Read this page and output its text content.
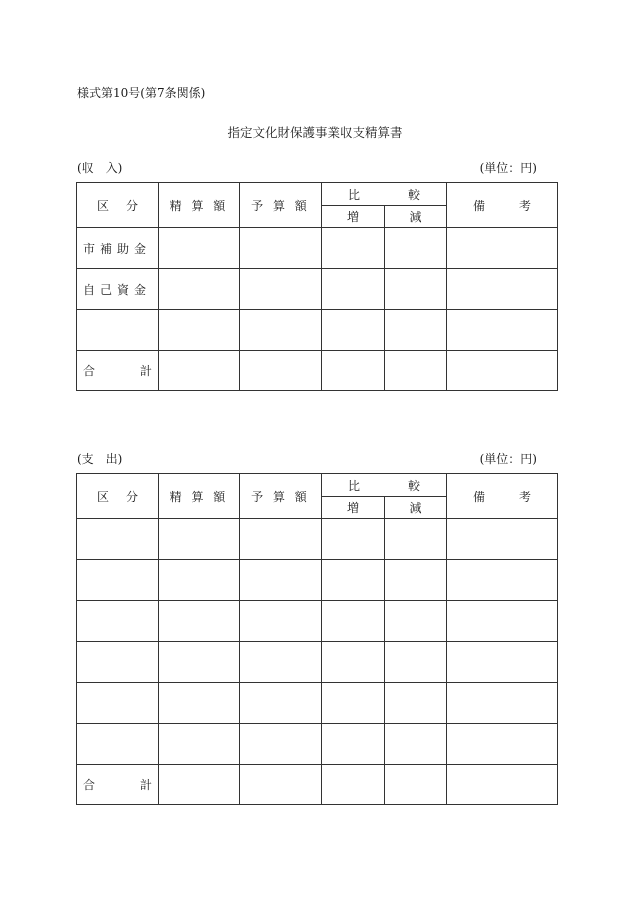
様式第10号(第7条関係)
指定文化財保護事業収支精算書
(収　入)	(単位：円)
区 分	精 算 額	予 算 額	比 較		備 考

			増	減	
市補助金					
自己資金					

合 計					

(支　出)	(単位：円)
区 分	精 算 額	予 算 額	比 較		備 考

			増	減	

合 計					
